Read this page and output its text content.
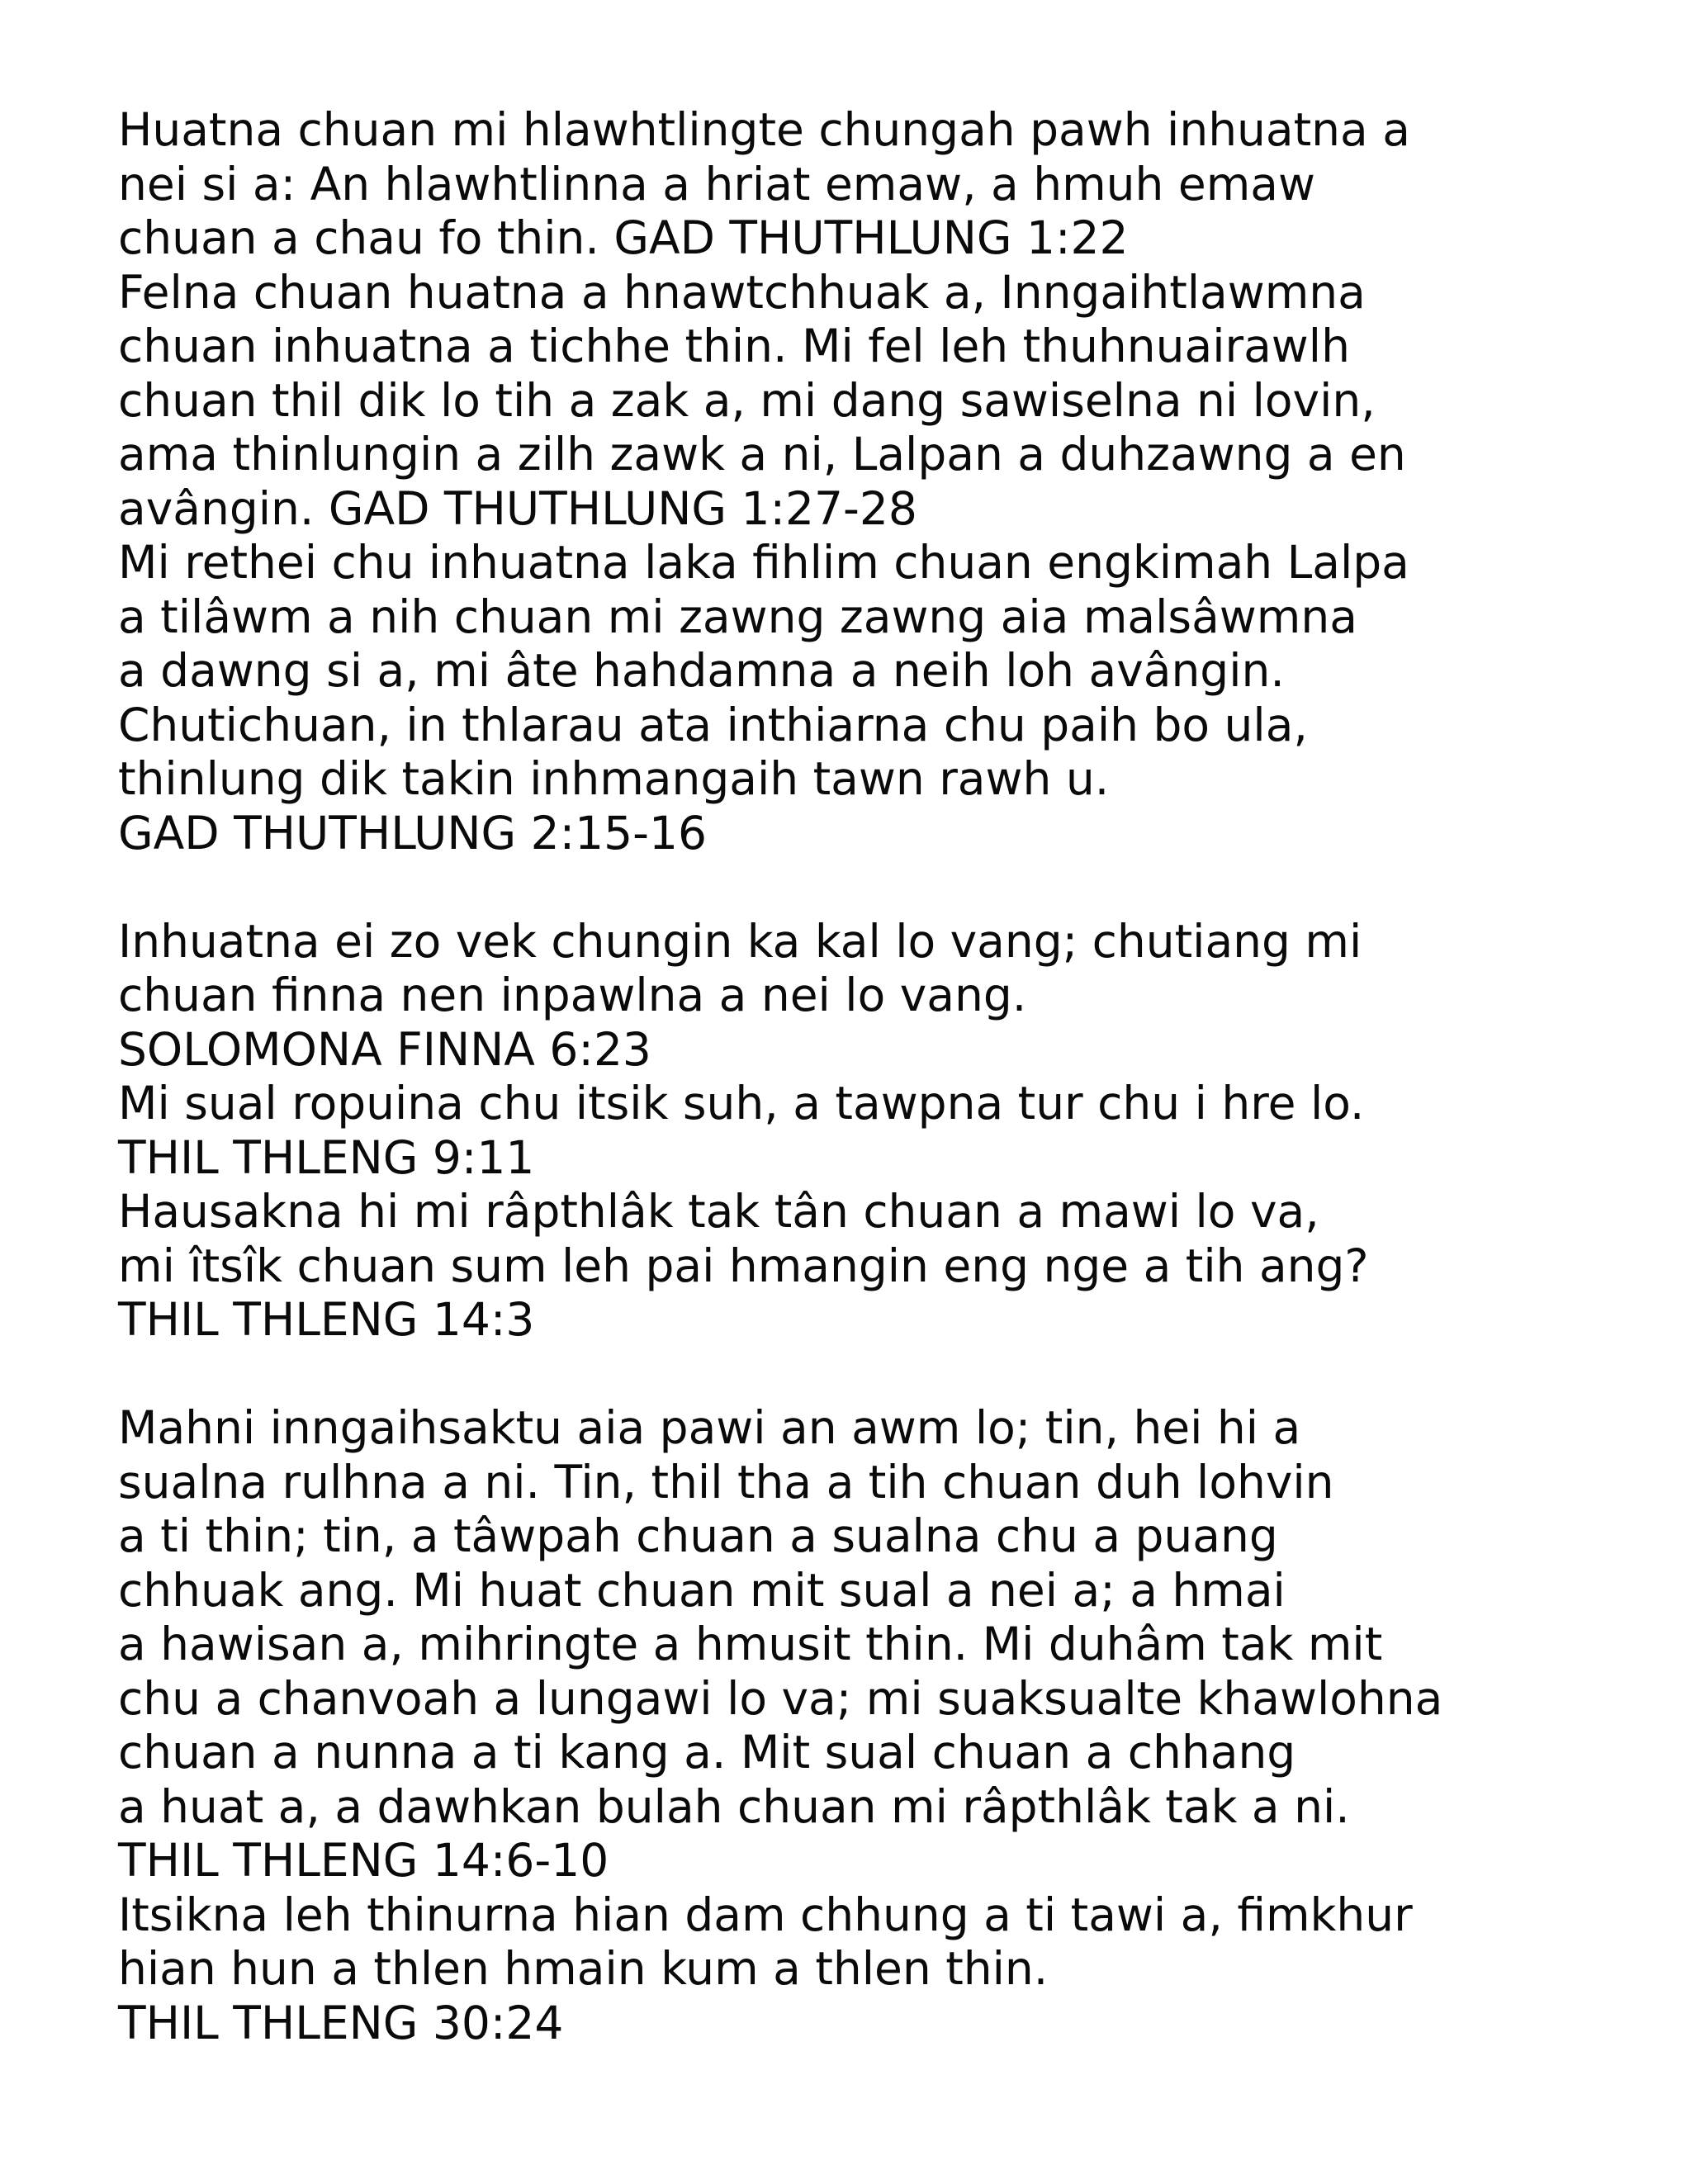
Huatna chuan mi hlawhtlingte chungah pawh inhuatna a
nei si a: An hlawhtlinna a hriat emaw, a hmuh emaw
chuan a chau fo thin. GAD THUTHLUNG 1:22
Felna chuan huatna a hnawtchhuak a, Inngaihtlawmna
chuan inhuatna a tichhe thin. Mi fel leh thuhnuairawlh
chuan thil dik lo tih a zak a, mi dang sawiselna ni lovin,
ama thinlungin a zilh zawk a ni, Lalpan a duhzawng a en
avângin. GAD THUTHLUNG 1:27-28
Mi rethei chu inhuatna laka fihlim chuan engkimah Lalpa
a tilâwm a nih chuan mi zawng zawng aia malsâwmna
a dawng si a, mi âte hahdamna a neih loh avângin.
Chutichuan, in thlarau ata inthiarna chu paih bo ula,
thinlung dik takin inhmangaih tawn rawh u.
GAD THUTHLUNG 2:15-16
Inhuatna ei zo vek chungin ka kal lo vang; chutiang mi
chuan finna nen inpawlna a nei lo vang.
SOLOMONA FINNA 6:23
Mi sual ropuina chu itsik suh, a tawpna tur chu i hre lo.
THIL THLENG 9:11
Hausakna hi mi râpthlâk tak tân chuan a mawi lo va,
mi îtsîk chuan sum leh pai hmangin eng nge a tih ang?
THIL THLENG 14:3
Mahni inngaihsaktu aia pawi an awm lo; tin, hei hi a
sualna rulhna a ni. Tin, thil tha a tih chuan duh lohvin
a ti thin; tin, a tâwpah chuan a sualna chu a puang
chhuak ang. Mi huat chuan mit sual a nei a; a hmai
a hawisan a, mihringte a hmusit thin. Mi duhâm tak mit
chu a chanvoah a lungawi lo va; mi suaksualte khawlohna
chuan a nunna a ti kang a. Mit sual chuan a chhang
a huat a, a dawhkan bulah chuan mi râpthlâk tak a ni.
THIL THLENG 14:6-10
Itsikna leh thinurna hian dam chhung a ti tawi a, fimkhur
hian hun a thlen hmain kum a thlen thin.
THIL THLENG 30:24
